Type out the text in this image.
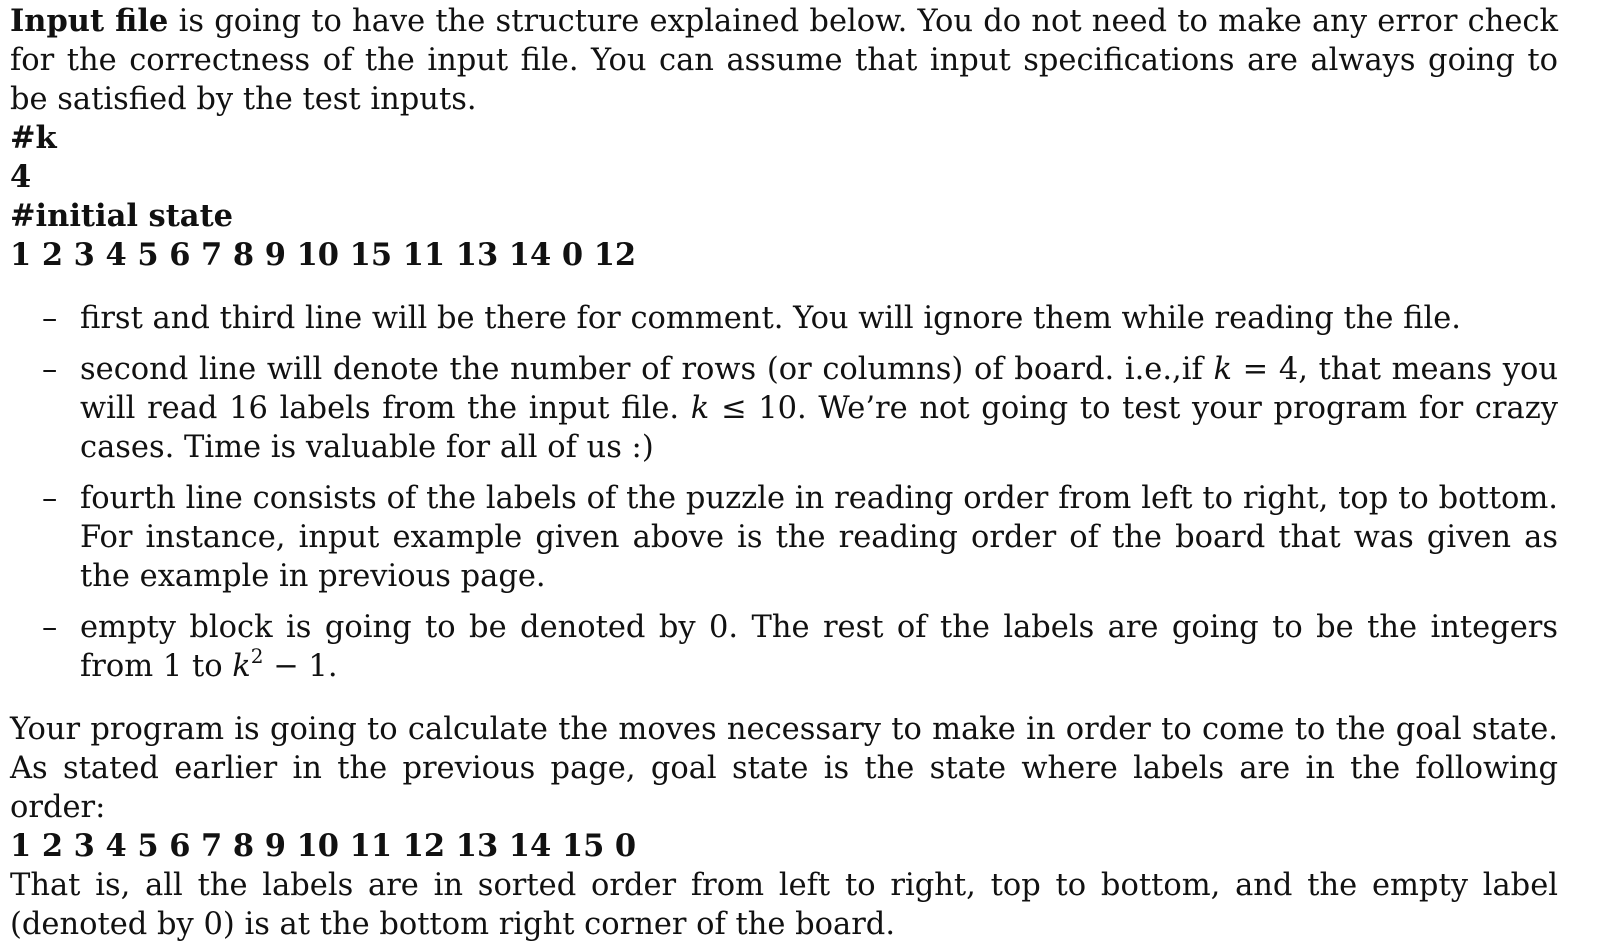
Input file is going to have the structure explained below. You do not need to make any error check for the correctness of the input file. You can assume that input specifications are always going to be satisfied by the test inputs.

#k

4

#initial state

1 2 3 4 5 6 7 8 9 10 15 11 13 14 0 12

– first and third line will be there for comment. You will ignore them while reading the file.
– second line will denote the number of rows (or columns) of board. i.e.,if k = 4, that means you will read 16 labels from the input file. k ≤ 10. We’re not going to test your program for crazy cases. Time is valuable for all of us :)
– fourth line consists of the labels of the puzzle in reading order from left to right, top to bottom. For instance, input example given above is the reading order of the board that was given as the example in previous page.
– empty block is going to be denoted by 0. The rest of the labels are going to be the integers from 1 to $k^2 - 1$.

Your program is going to calculate the moves necessary to make in order to come to the goal state. As stated earlier in the previous page, goal state is the state where labels are in the following order:

1 2 3 4 5 6 7 8 9 10 11 12 13 14 15 0

That is, all the labels are in sorted order from left to right, top to bottom, and the empty label (denoted by 0) is at the bottom right corner of the board.
